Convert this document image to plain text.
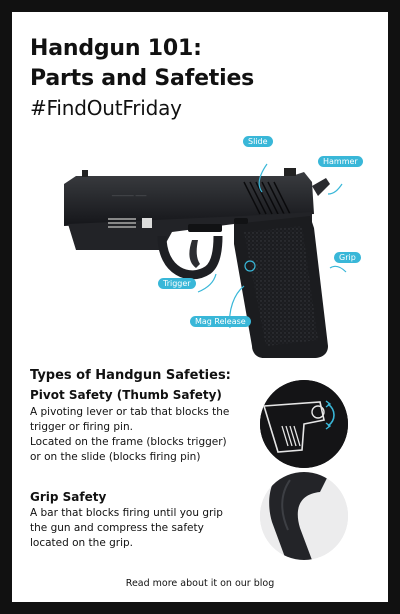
Handgun 101:
Parts and Safeties
#FindOutFriday
────── ───
Slide
Hammer
Grip
Trigger
Mag Release
Types of Handgun Safeties:
Pivot Safety (Thumb Safety)
A pivoting lever or tab that blocks the
trigger or firing pin.
Located on the frame (blocks trigger)
or on the slide (blocks firing pin)
Grip Safety
A bar that blocks firing until you grip
the gun and compress the safety
located on the grip.
Read more about it on our blog
